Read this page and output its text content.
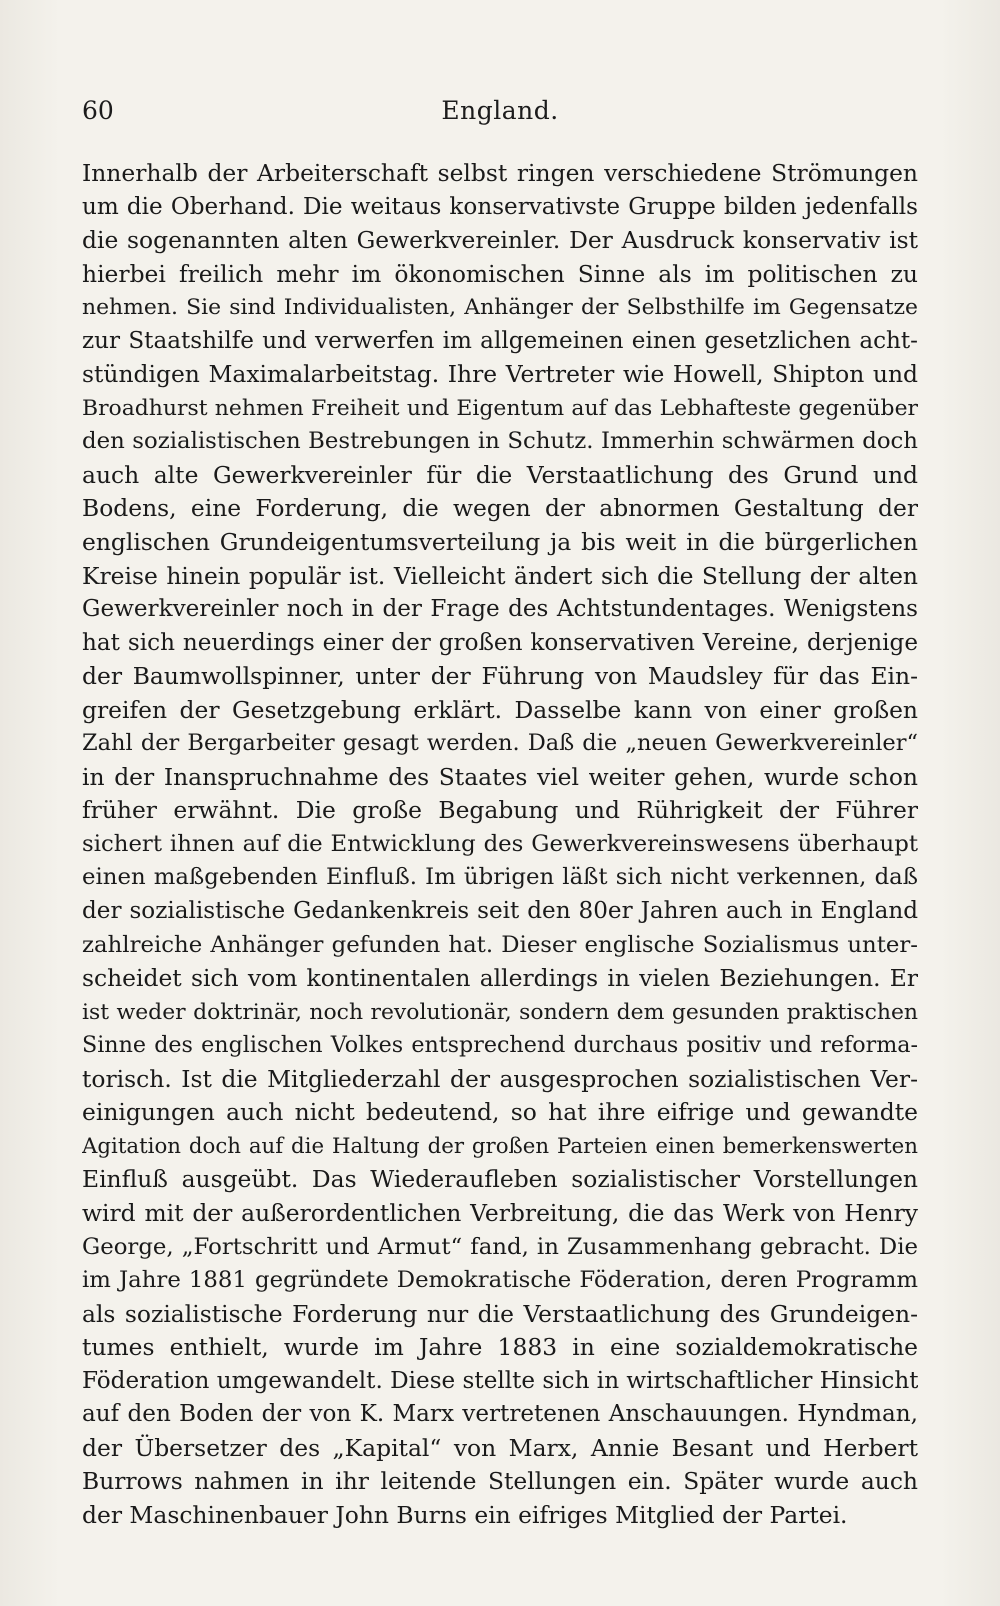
60	England.
Innerhalb der Arbeiterschaft selbst ringen verschiedene Strömungen
um die Oberhand. Die weitaus konservativste Gruppe bilden jedenfalls
die sogenannten alten Gewerkvereinler. Der Ausdruck konservativ ist
hierbei freilich mehr im ökonomischen Sinne als im politischen zu
nehmen. Sie sind Individualisten, Anhänger der Selbsthilfe im Gegensatze
zur Staatshilfe und verwerfen im allgemeinen einen gesetzlichen acht-
stündigen Maximalarbeitstag. Ihre Vertreter wie Howell, Shipton und
Broadhurst nehmen Freiheit und Eigentum auf das Lebhafteste gegenüber
den sozialistischen Bestrebungen in Schutz. Immerhin schwärmen doch
auch alte Gewerkvereinler für die Verstaatlichung des Grund und
Bodens, eine Forderung, die wegen der abnormen Gestaltung der
englischen Grundeigentumsverteilung ja bis weit in die bürgerlichen
Kreise hinein populär ist. Vielleicht ändert sich die Stellung der alten
Gewerkvereinler noch in der Frage des Achtstundentages. Wenigstens
hat sich neuerdings einer der großen konservativen Vereine, derjenige
der Baumwollspinner, unter der Führung von Maudsley für das Ein-
greifen der Gesetzgebung erklärt. Dasselbe kann von einer großen
Zahl der Bergarbeiter gesagt werden. Daß die „neuen Gewerkvereinler“
in der Inanspruchnahme des Staates viel weiter gehen, wurde schon
früher erwähnt. Die große Begabung und Rührigkeit der Führer
sichert ihnen auf die Entwicklung des Gewerkvereinswesens überhaupt
einen maßgebenden Einfluß. Im übrigen läßt sich nicht verkennen, daß
der sozialistische Gedankenkreis seit den 80er Jahren auch in England
zahlreiche Anhänger gefunden hat. Dieser englische Sozialismus unter-
scheidet sich vom kontinentalen allerdings in vielen Beziehungen. Er
ist weder doktrinär, noch revolutionär, sondern dem gesunden praktischen
Sinne des englischen Volkes entsprechend durchaus positiv und reforma-
torisch. Ist die Mitgliederzahl der ausgesprochen sozialistischen Ver-
einigungen auch nicht bedeutend, so hat ihre eifrige und gewandte
Agitation doch auf die Haltung der großen Parteien einen bemerkenswerten
Einfluß ausgeübt. Das Wiederaufleben sozialistischer Vorstellungen
wird mit der außerordentlichen Verbreitung, die das Werk von Henry
George, „Fortschritt und Armut“ fand, in Zusammenhang gebracht. Die
im Jahre 1881 gegründete Demokratische Föderation, deren Programm
als sozialistische Forderung nur die Verstaatlichung des Grundeigen-
tumes enthielt, wurde im Jahre 1883 in eine sozialdemokratische
Föderation umgewandelt. Diese stellte sich in wirtschaftlicher Hinsicht
auf den Boden der von K. Marx vertretenen Anschauungen. Hyndman,
der Übersetzer des „Kapital“ von Marx, Annie Besant und Herbert
Burrows nahmen in ihr leitende Stellungen ein. Später wurde auch
der Maschinenbauer John Burns ein eifriges Mitglied der Partei.
